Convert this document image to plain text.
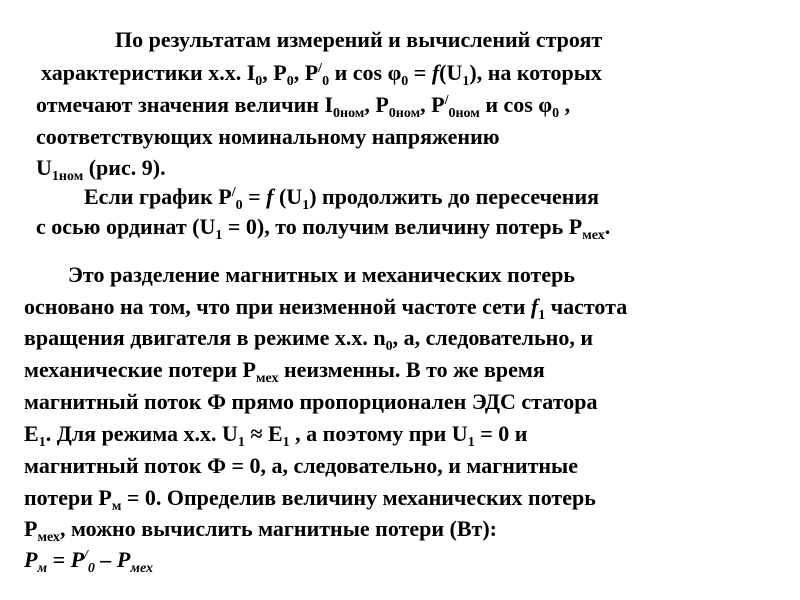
По результатам измерений и вычислений строят
характеристики х.х. $I_0$, $P_0$, $P^/_0$ и $\cos \varphi_0 = f(U_1)$, на которых
отмечают значения величин $I_{0ном}$, $P_{0ном}$, $P^/_{0ном}$ и $\cos \varphi_0$ ,
соответствующих номинальному напряжению
$U_{1ном}$ (рис. 9).
Если график $P^/_0 = f$ $(U_1)$ продолжить до пересечения
с осью ординат $(U_1 = 0)$, то получим величину потерь $P_{мех}$.
Это разделение магнитных и механических потерь
основано на том, что при неизменной частоте сети $f_1$ частота
вращения двигателя в режиме х.х. $n_0$, а, следовательно, и
механические потери $P_{мех}$ неизменны. В то же время
магнитный поток Ф прямо пропорционален ЭДС статора
$E_1$. Для режима х.х. $U_1 \approx E_1$ , а поэтому при $U_1 = 0$ и
магнитный поток Ф = 0, а, следовательно, и магнитные
потери $P_м = 0$. Определив величину механических потерь
$P_{мех}$, можно вычислить магнитные потери (Вт):
$P_м = P^/_0 - P_{мех}$
